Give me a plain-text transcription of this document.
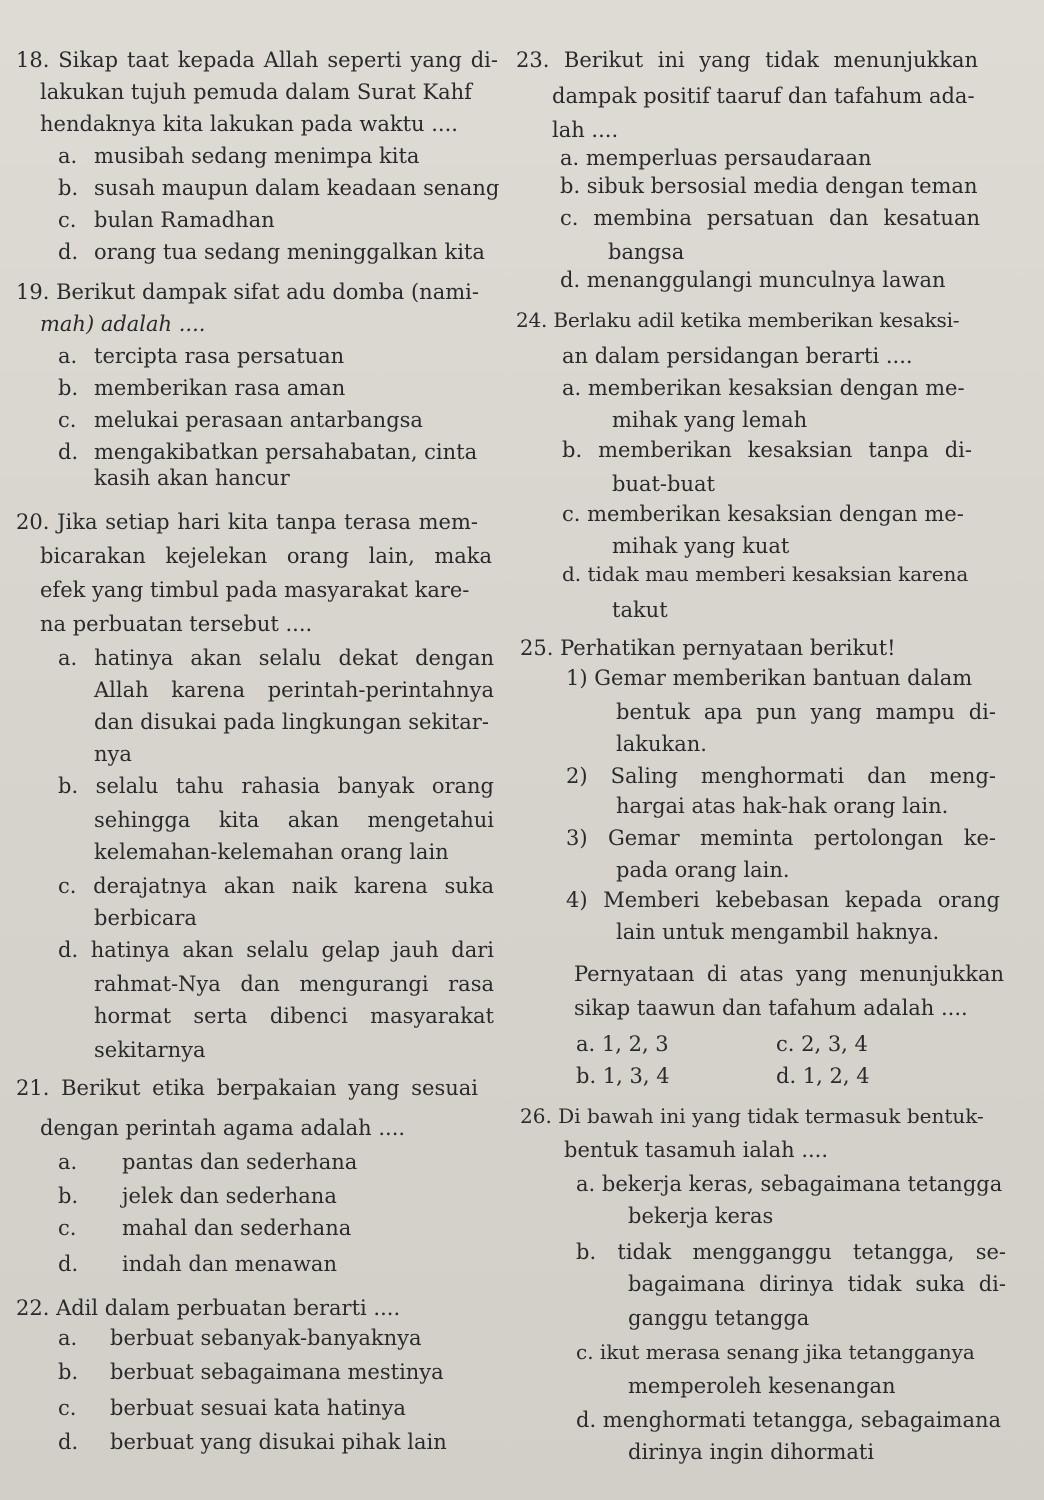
18. Sikap taat kepada Allah seperti yang di-
lakukan tujuh pemuda dalam Surat Kahf
hendaknya kita lakukan pada waktu ....
a. musibah sedang menimpa kita
b. susah maupun dalam keadaan senang
c. bulan Ramadhan
d. orang tua sedang meninggalkan kita
19. Berikut dampak sifat adu domba (nami-
mah) adalah ....
a. tercipta rasa persatuan
b. memberikan rasa aman
c. melukai perasaan antarbangsa
d. mengakibatkan persahabatan, cinta
kasih akan hancur
20. Jika setiap hari kita tanpa terasa mem-
bicarakan kejelekan orang lain, maka
efek yang timbul pada masyarakat kare-
na perbuatan tersebut ....
a. hatinya akan selalu dekat dengan
Allah karena perintah-perintahnya
dan disukai pada lingkungan sekitar-
nya
b. selalu tahu rahasia banyak orang
sehingga kita akan mengetahui
kelemahan-kelemahan orang lain
c. derajatnya akan naik karena suka
berbicara
d. hatinya akan selalu gelap jauh dari
rahmat-Nya dan mengurangi rasa
hormat serta dibenci masyarakat
sekitarnya
21. Berikut etika berpakaian yang sesuai
dengan perintah agama adalah ....
a. pantas dan sederhana
b. jelek dan sederhana
c. mahal dan sederhana
d. indah dan menawan
22. Adil dalam perbuatan berarti ....
a. berbuat sebanyak-banyaknya
b. berbuat sebagaimana mestinya
c. berbuat sesuai kata hatinya
d. berbuat yang disukai pihak lain
23. Berikut ini yang tidak menunjukkan
dampak positif taaruf dan tafahum ada-
lah ....
a. memperluas persaudaraan
b. sibuk bersosial media dengan teman
c. membina persatuan dan kesatuan
bangsa
d. menanggulangi munculnya lawan
24. Berlaku adil ketika memberikan kesaksi-
an dalam persidangan berarti ....
a. memberikan kesaksian dengan me-
mihak yang lemah
b. memberikan kesaksian tanpa di-
buat-buat
c. memberikan kesaksian dengan me-
mihak yang kuat
d. tidak mau memberi kesaksian karena
takut
25. Perhatikan pernyataan berikut!
1) Gemar memberikan bantuan dalam
bentuk apa pun yang mampu di-
lakukan.
2) Saling menghormati dan meng-
hargai atas hak-hak orang lain.
3) Gemar meminta pertolongan ke-
pada orang lain.
4) Memberi kebebasan kepada orang
lain untuk mengambil haknya.
Pernyataan di atas yang menunjukkan
sikap taawun dan tafahum adalah ....
a. 1, 2, 3	c. 2, 3, 4
b. 1, 3, 4	d. 1, 2, 4
26. Di bawah ini yang tidak termasuk bentuk-
bentuk tasamuh ialah ....
a. bekerja keras, sebagaimana tetangga
bekerja keras
b. tidak mengganggu tetangga, se-
bagaimana dirinya tidak suka di-
ganggu tetangga
c. ikut merasa senang jika tetangganya
memperoleh kesenangan
d. menghormati tetangga, sebagaimana
dirinya ingin dihormati
